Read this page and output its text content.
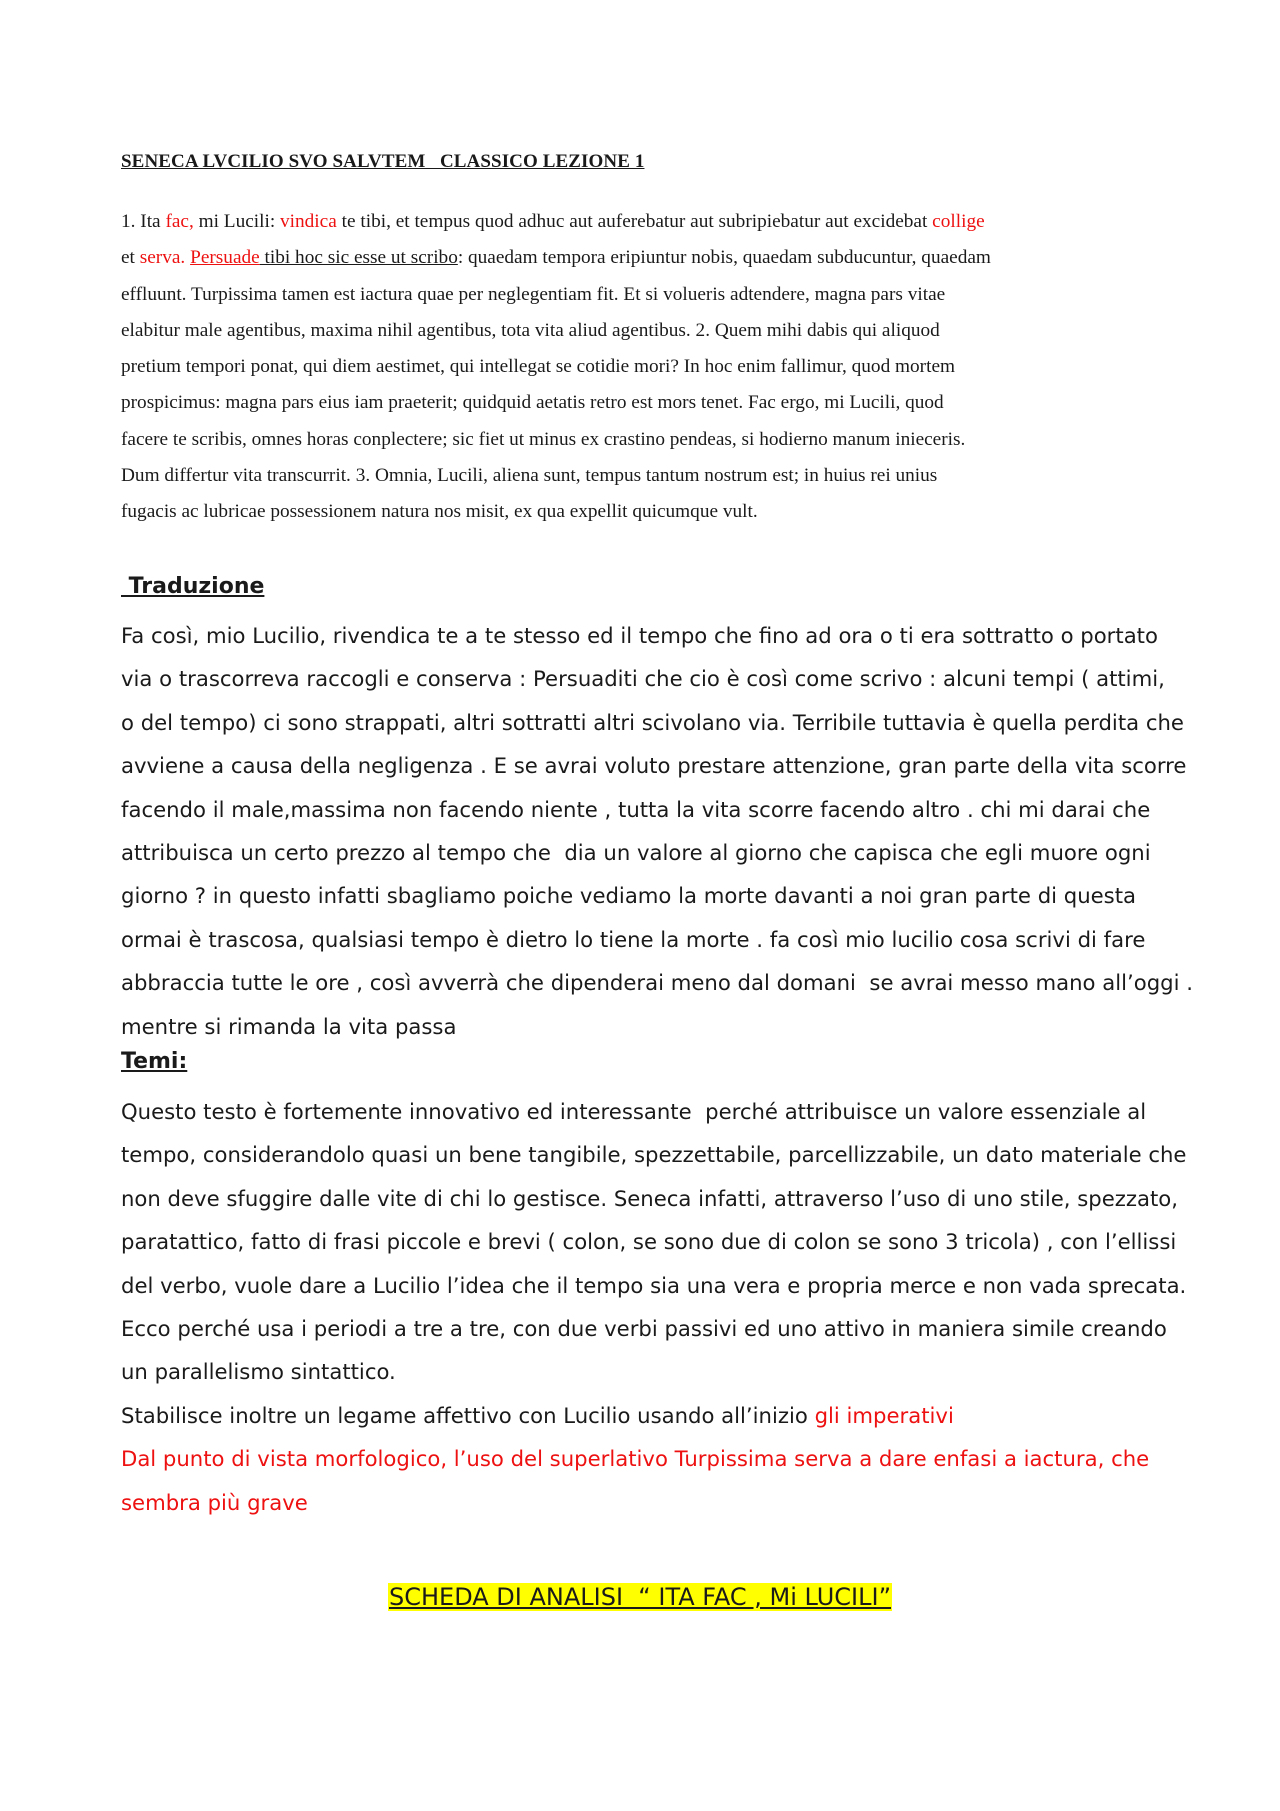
SENECA LVCILIO SVO SALVTEM   CLASSICO LEZIONE 1
1. Ita fac, mi Lucili: vindica te tibi, et tempus quod adhuc aut auferebatur aut subripiebatur aut excidebat collige
et serva. Persuade tibi hoc sic esse ut scribo: quaedam tempora eripiuntur nobis, quaedam subducuntur, quaedam
effluunt. Turpissima tamen est iactura quae per neglegentiam fit. Et si volueris adtendere, magna pars vitae
elabitur male agentibus, maxima nihil agentibus, tota vita aliud agentibus. 2. Quem mihi dabis qui aliquod
pretium tempori ponat, qui diem aestimet, qui intellegat se cotidie mori? In hoc enim fallimur, quod mortem
prospicimus: magna pars eius iam praeterit; quidquid aetatis retro est mors tenet. Fac ergo, mi Lucili, quod
facere te scribis, omnes horas conplectere; sic fiet ut minus ex crastino pendeas, si hodierno manum inieceris.
Dum differtur vita transcurrit. 3. Omnia, Lucili, aliena sunt, tempus tantum nostrum est; in huius rei unius
fugacis ac lubricae possessionem natura nos misit, ex qua expellit quicumque vult.
Traduzione
Fa così, mio Lucilio, rivendica te a te stesso ed il tempo che fino ad ora o ti era sottratto o portato
via o trascorreva raccogli e conserva : Persuaditi che cio è così come scrivo : alcuni tempi ( attimi,
o del tempo) ci sono strappati, altri sottratti altri scivolano via. Terribile tuttavia è quella perdita che
avviene a causa della negligenza . E se avrai voluto prestare attenzione, gran parte della vita scorre
facendo il male,massima non facendo niente , tutta la vita scorre facendo altro . chi mi darai che
attribuisca un certo prezzo al tempo che  dia un valore al giorno che capisca che egli muore ogni
giorno ? in questo infatti sbagliamo poiche vediamo la morte davanti a noi gran parte di questa
ormai è trascosa, qualsiasi tempo è dietro lo tiene la morte . fa così mio lucilio cosa scrivi di fare
abbraccia tutte le ore , così avverrà che dipenderai meno dal domani  se avrai messo mano all’oggi .
mentre si rimanda la vita passa
Temi:
Questo testo è fortemente innovativo ed interessante  perché attribuisce un valore essenziale al
tempo, considerandolo quasi un bene tangibile, spezzettabile, parcellizzabile, un dato materiale che
non deve sfuggire dalle vite di chi lo gestisce. Seneca infatti, attraverso l’uso di uno stile, spezzato,
paratattico, fatto di frasi piccole e brevi ( colon, se sono due di colon se sono 3 tricola) , con l’ellissi
del verbo, vuole dare a Lucilio l’idea che il tempo sia una vera e propria merce e non vada sprecata.
Ecco perché usa i periodi a tre a tre, con due verbi passivi ed uno attivo in maniera simile creando
un parallelismo sintattico.
Stabilisce inoltre un legame affettivo con Lucilio usando all’inizio gli imperativi
Dal punto di vista morfologico, l’uso del superlativo Turpissima serva a dare enfasi a iactura, che
sembra più grave
SCHEDA DI ANALISI  “ ITA FAC , Mi LUCILI”
